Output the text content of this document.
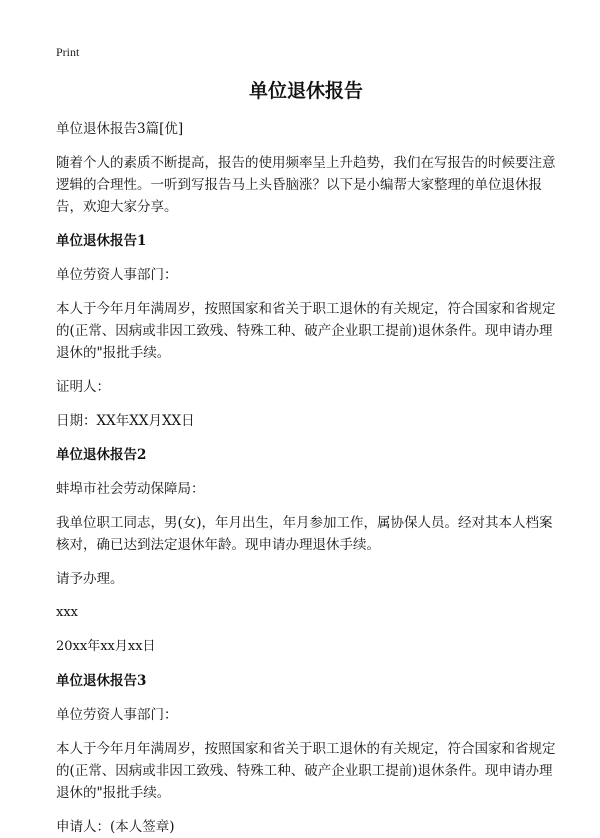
Print
单位退休报告

单位退休报告3篇[优]

随着个人的素质不断提高，报告的使用频率呈上升趋势，我们在写报告的时候要注意逻辑的合理性。一听到写报告马上头昏脑涨？以下是小编帮大家整理的单位退休报告，欢迎大家分享。

单位退休报告1

单位劳资人事部门：

本人于今年月年满周岁，按照国家和省关于职工退休的有关规定，符合国家和省规定的(正常、因病或非因工致残、特殊工种、破产企业职工提前)退休条件。现申请办理退休的"报批手续。

证明人：

日期：XX年XX月XX日

单位退休报告2

蚌埠市社会劳动保障局：

我单位职工同志，男(女)，年月出生，年月参加工作，属协保人员。经对其本人档案核对，确已达到法定退休年龄。现申请办理退休手续。

请予办理。

xxx

20xx年xx月xx日

单位退休报告3

单位劳资人事部门：

本人于今年月年满周岁，按照国家和省关于职工退休的有关规定，符合国家和省规定的(正常、因病或非因工致残、特殊工种、破产企业职工提前)退休条件。现申请办理退休的"报批手续。

申请人：(本人签章)
